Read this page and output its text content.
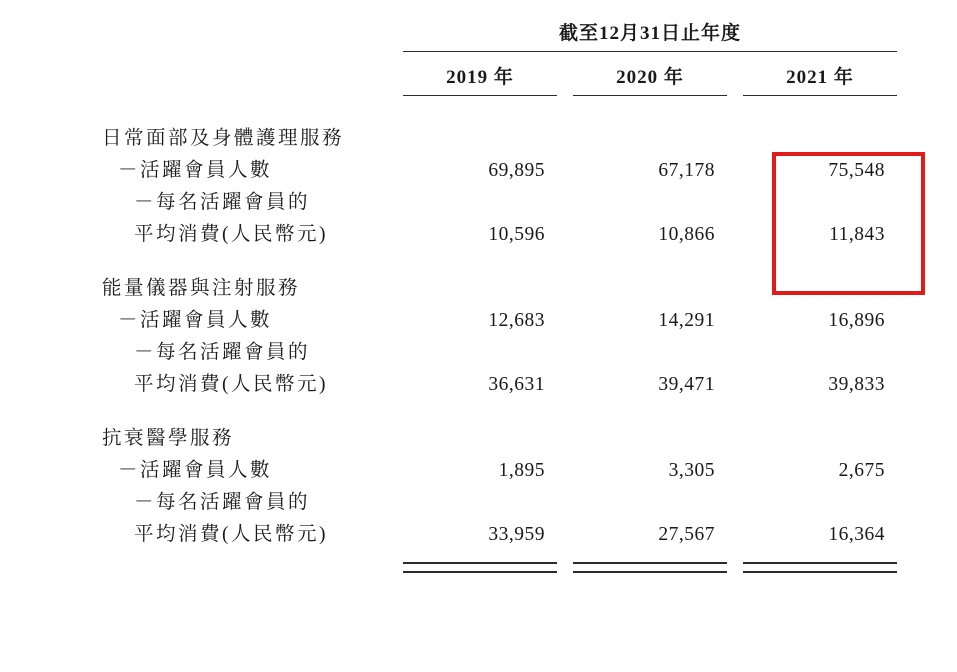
	截至12月31日止年度		

	2019 年	2020 年	2021 年

日常面部及身體護理服務			
－活躍會員人數	69,895	67,178	75,548
－每名活躍會員的			
平均消費(人民幣元)	10,596	10,866	11,843
能量儀器與注射服務			
－活躍會員人數	12,683	14,291	16,896
－每名活躍會員的			
平均消費(人民幣元)	36,631	39,471	39,833
抗衰醫學服務			
－活躍會員人數	1,895	3,305	2,675
－每名活躍會員的			
平均消費(人民幣元)	33,959	27,567	16,364
